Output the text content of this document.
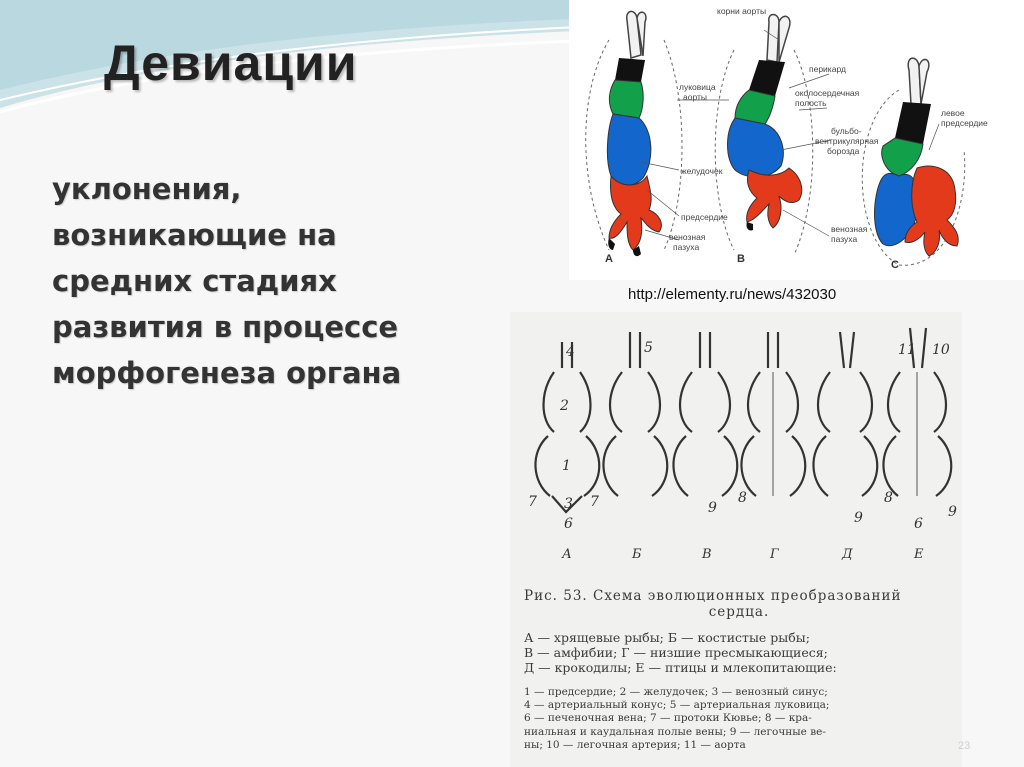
Девиации

уклонения,
возникающие на
средних стадиях
развития в процессе
морфогенеза органа

корни аорты
перикард
околосердечная
полость
луковица
аорты
бульбо-
вентрикулярная
борозда
левое
предсердие
желудочек
предсердие
венозная
пазуха
венозная
пазуха
A	B	C
http://elementy.ru/news/432030
4	5
2
1
3
7	7
6
9
8
9
8
11 10
9
6
А	Б	В	Г	Д	Е
Рис. 53. Схема эволюционных преобразований
сердца.

А — хрящевые рыбы; Б — костистые рыбы;

В — амфибии; Г — низшие пресмыкающиеся;

Д — крокодилы; Е — птицы и млекопитающие:

1 — предсердие; 2 — желудочек; 3 — венозный синус;

4 — артериальный конус; 5 — артериальная луковица;

6 — печеночная вена; 7 — протоки Кювье; 8 — кра-

ниальная и каудальная полые вены; 9 — легочные ве-

ны; 10 — легочная артерия; 11 — аорта	23
